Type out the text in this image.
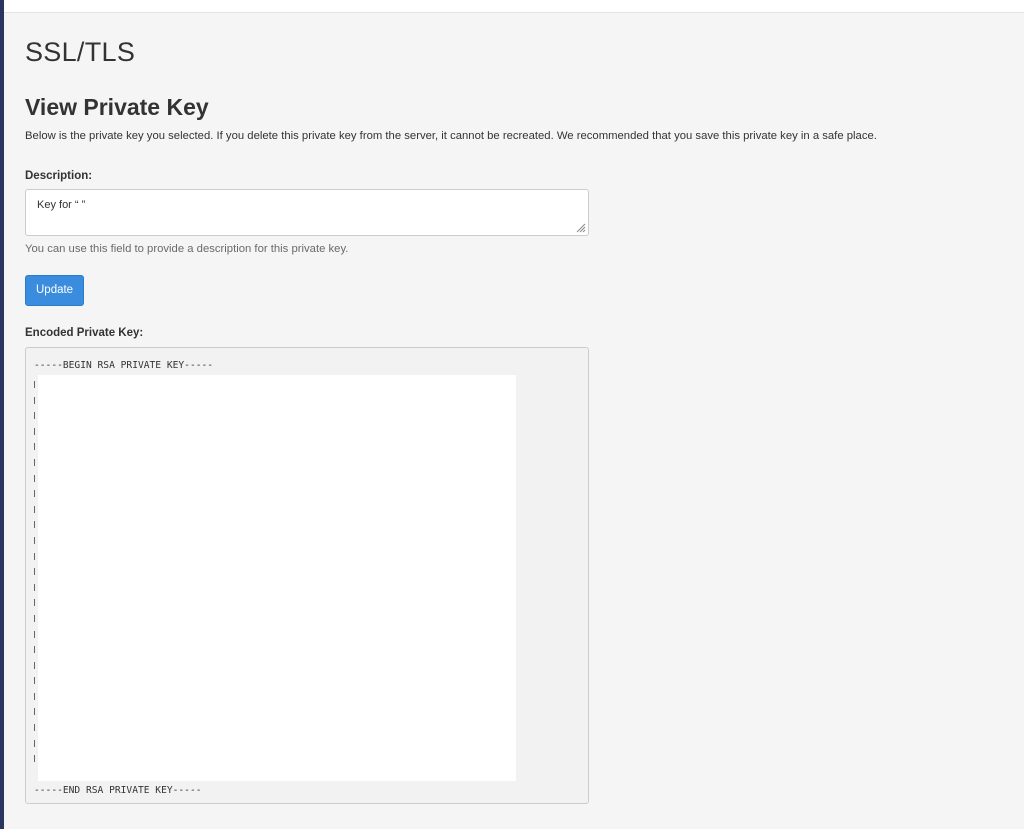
SSL/TLS
View Private Key
Below is the private key you selected. If you delete this private key from the server, it cannot be recreated. We recommended that you save this private key in a safe place.
Description:
Key for “ ”
You can use this field to provide a description for this private key.
Update
Encoded Private Key:
-----BEGIN RSA PRIVATE KEY-----
-----END RSA PRIVATE KEY-----
